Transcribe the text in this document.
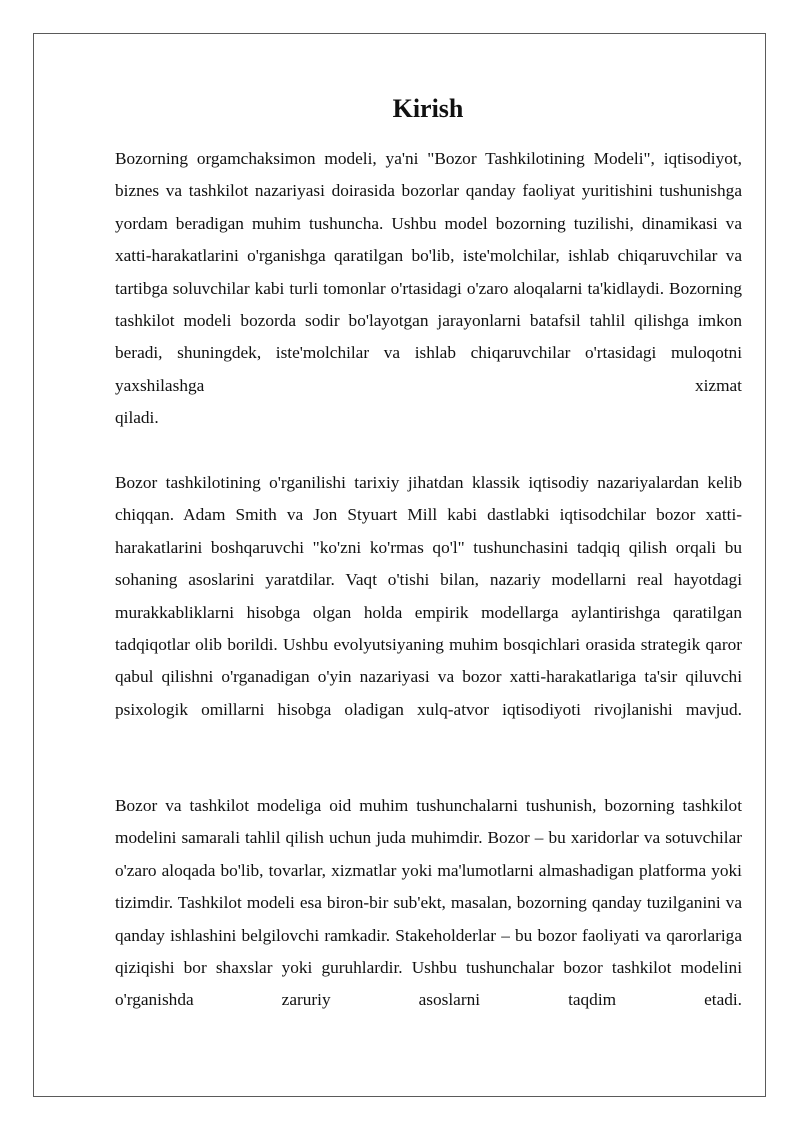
Kirish

Bozorning orgamchaksimon modeli, ya'ni "Bozor Tashkilotining Modeli", iqtisodiyot, biznes va tashkilot nazariyasi doirasida bozorlar qanday faoliyat yuritishini tushunishga yordam beradigan muhim tushuncha. Ushbu model bozorning tuzilishi, dinamikasi va xatti-harakatlarini o'rganishga qaratilgan bo'lib, iste'molchilar, ishlab chiqaruvchilar va tartibga soluvchilar kabi turli tomonlar o'rtasidagi o'zaro aloqalarni ta'kidlaydi. Bozorning tashkilot modeli bozorda sodir bo'layotgan jarayonlarni batafsil tahlil qilishga imkon beradi, shuningdek, iste'molchilar va ishlab chiqaruvchilar o'rtasidagi muloqotni yaxshilashga xizmat
qiladi.

Bozor tashkilotining o'rganilishi tarixiy jihatdan klassik iqtisodiy nazariyalardan kelib chiqqan. Adam Smith va Jon Styuart Mill kabi dastlabki iqtisodchilar bozor xatti-harakatlarini boshqaruvchi "ko'zni ko'rmas qo'l" tushunchasini tadqiq qilish orqali bu sohaning asoslarini yaratdilar. Vaqt o'tishi bilan, nazariy modellarni real hayotdagi murakkabliklarni hisobga olgan holda empirik modellarga aylantirishga qaratilgan tadqiqotlar olib borildi. Ushbu evolyutsiyaning muhim bosqichlari orasida strategik qaror qabul qilishni o'rganadigan o'yin nazariyasi va bozor xatti-harakatlariga ta'sir qiluvchi psixologik omillarni hisobga oladigan xulq-atvor iqtisodiyoti rivojlanishi mavjud.

Bozor va tashkilot modeliga oid muhim tushunchalarni tushunish, bozorning tashkilot modelini samarali tahlil qilish uchun juda muhimdir. Bozor – bu xaridorlar va sotuvchilar o'zaro aloqada bo'lib, tovarlar, xizmatlar yoki ma'lumotlarni almashadigan platforma yoki tizimdir. Tashkilot modeli esa biron-bir sub'ekt, masalan, bozorning qanday tuzilganini va qanday ishlashini belgilovchi ramkadir. Stakeholderlar – bu bozor faoliyati va qarorlariga qiziqishi bor shaxslar yoki guruhlardir. Ushbu tushunchalar bozor tashkilot modelini o'rganishda zaruriy asoslarni taqdim etadi.
